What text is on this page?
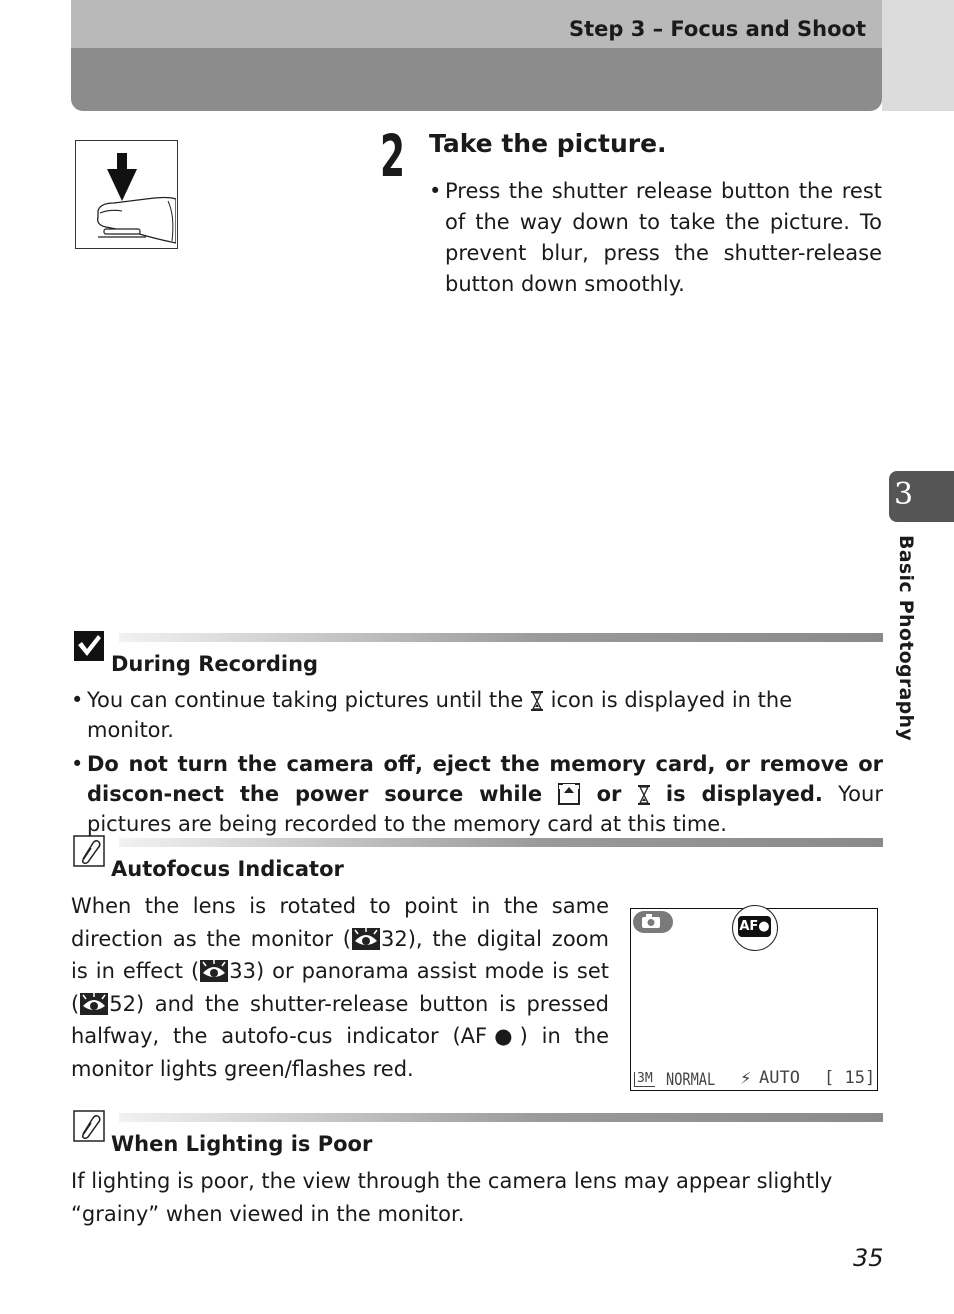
Step 3 – Focus and Shoot
3
Basic Photography
2 Take the picture.
• Press the shutter release button the rest of the way down to take the picture. To prevent blur, press the shutter-release button down smoothly.
During Recording
• You can continue taking pictures until the icon is displayed in the monitor.
• Do not turn the camera off, eject the memory card, or remove or discon-nect the power source while	or is displayed. Your pictures are being recorded to the memory card at this time.
Autofocus Indicator
When the lens is rotated to point in the same direction as the monitor ( 32), the digital zoom is in effect ( 33) or panorama assist mode is set ( 52) and the shutter-release button is pressed halfway, the autofo-cus indicator (AF●) in the monitor lights green/flashes red.
AF●
3M NORMAL ⚡ AUTO [ 15]
When Lighting is Poor
If lighting is poor, the view through the camera lens may appear slightly “grainy” when viewed in the monitor.
35
